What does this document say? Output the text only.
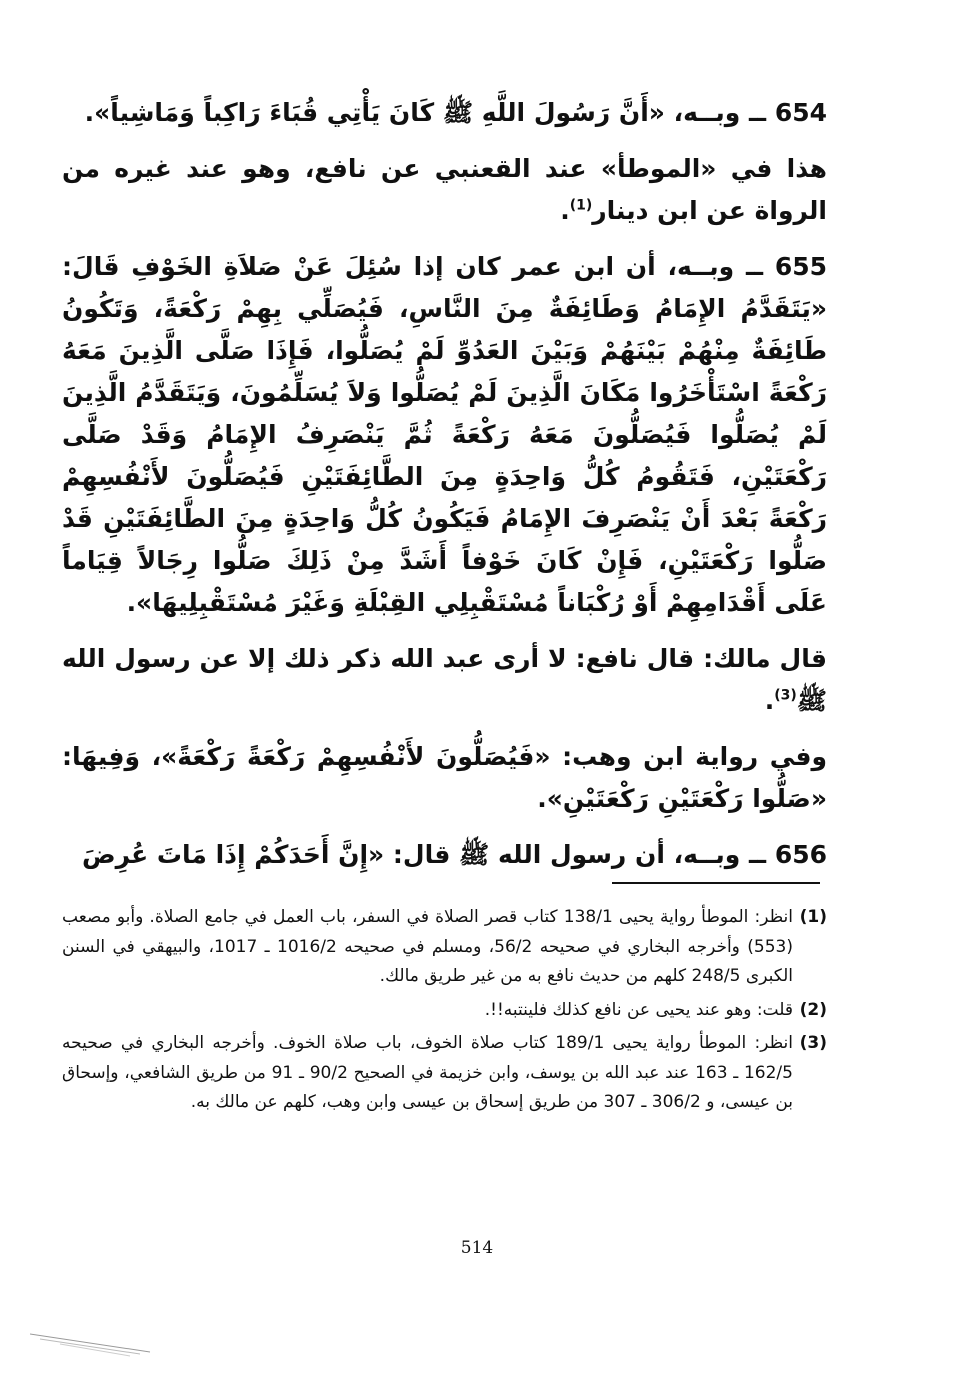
654 ــ وبــه، «أَنَّ رَسُولَ اللَّهِ ﷺ كَانَ يَأْتِي قُبَاءَ رَاكِباً وَمَاشِياً».

هذا في «الموطأ» عند القعنبي عن نافع، وهو عند غيره من الرواة عن ابن دينار$^{(1)}$.

655 ــ وبــه، أن ابن عمر كان إذا سُئِلَ عَنْ صَلاَةِ الخَوْفِ قَالَ: «يَتَقَدَّمُ الإِمَامُ وَطَائِفَةٌ مِنَ النَّاسِ، فَيُصَلِّي بِهِمْ رَكْعَةً، وَتَكُونُ طَائِفَةٌ مِنْهُمْ بَيْنَهُمْ وَبَيْنَ العَدُوِّ لَمْ يُصَلُّوا، فَإِذَا صَلَّى الَّذِينَ مَعَهُ رَكْعَةً اسْتَأْخَرُوا مَكَانَ الَّذِينَ لَمْ يُصَلُّوا وَلاَ يُسَلِّمُونَ، وَيَتَقَدَّمُ الَّذِينَ لَمْ يُصَلُّوا فَيُصَلُّونَ مَعَهُ رَكْعَةً ثُمَّ يَنْصَرِفُ الإِمَامُ وَقَدْ صَلَّى رَكْعَتَيْنِ، فَتَقُومُ كُلُّ وَاحِدَةٍ مِنَ الطَّائِفَتَيْنِ فَيُصَلُّونَ لأَنْفُسِهِمْ رَكْعَةً بَعْدَ أَنْ يَنْصَرِفَ الإِمَامُ فَيَكُونُ كُلُّ وَاحِدَةٍ مِنَ الطَّائِفَتَيْنِ قَدْ صَلُّوا رَكْعَتَيْنِ، فَإِنْ كَانَ خَوْفاً أَشَدَّ مِنْ ذَلِكَ صَلُّوا رِجَالاً قِيَاماً عَلَى أَقْدَامِهِمْ أَوْ رُكْبَاناً مُسْتَقْبِلِي القِبْلَةِ وَغَيْرَ مُسْتَقْبِلِيهَا».

قال مالك: قال نافع: لا أرى عبد الله ذكر ذلك إلا عن رسول الله ﷺ$^{(3)}$.

وفي رواية ابن وهب: «فَيُصَلُّونَ لأَنْفُسِهِمْ رَكْعَةً رَكْعَةً»، وَفِيهَا: «صَلُّوا رَكْعَتَيْنِ رَكْعَتَيْنِ».

656 ــ وبــه، أن رسول الله ﷺ قال: «إِنَّ أَحَدَكُمْ إِذَا مَاتَ عُرِضَ

(1)
انظر: الموطأ رواية يحيى 138/1 كتاب قصر الصلاة في السفر، باب العمل في جامع الصلاة. وأبو مصعب (553) وأخرجه البخاري في صحيحه 56/2، ومسلم في صحيحه 1016/2 ـ 1017، والبيهقي في السنن الكبرى 248/5 كلهم من حديث نافع به من غير طريق مالك.
(2)
قلت: وهو عند يحيى عن نافع كذلك فلينتبه!!.
(3)
انظر: الموطأ رواية يحيى 189/1 كتاب صلاة الخوف، باب صلاة الخوف. وأخرجه البخاري في صحيحه 162/5 ـ 163 عند عبد الله بن يوسف، وابن خزيمة في الصحيح 90/2 ـ 91 من طريق الشافعي، وإسحاق بن عيسى، و 306/2 ـ 307 من طريق إسحاق بن عيسى وابن وهب، كلهم عن مالك به.
514
